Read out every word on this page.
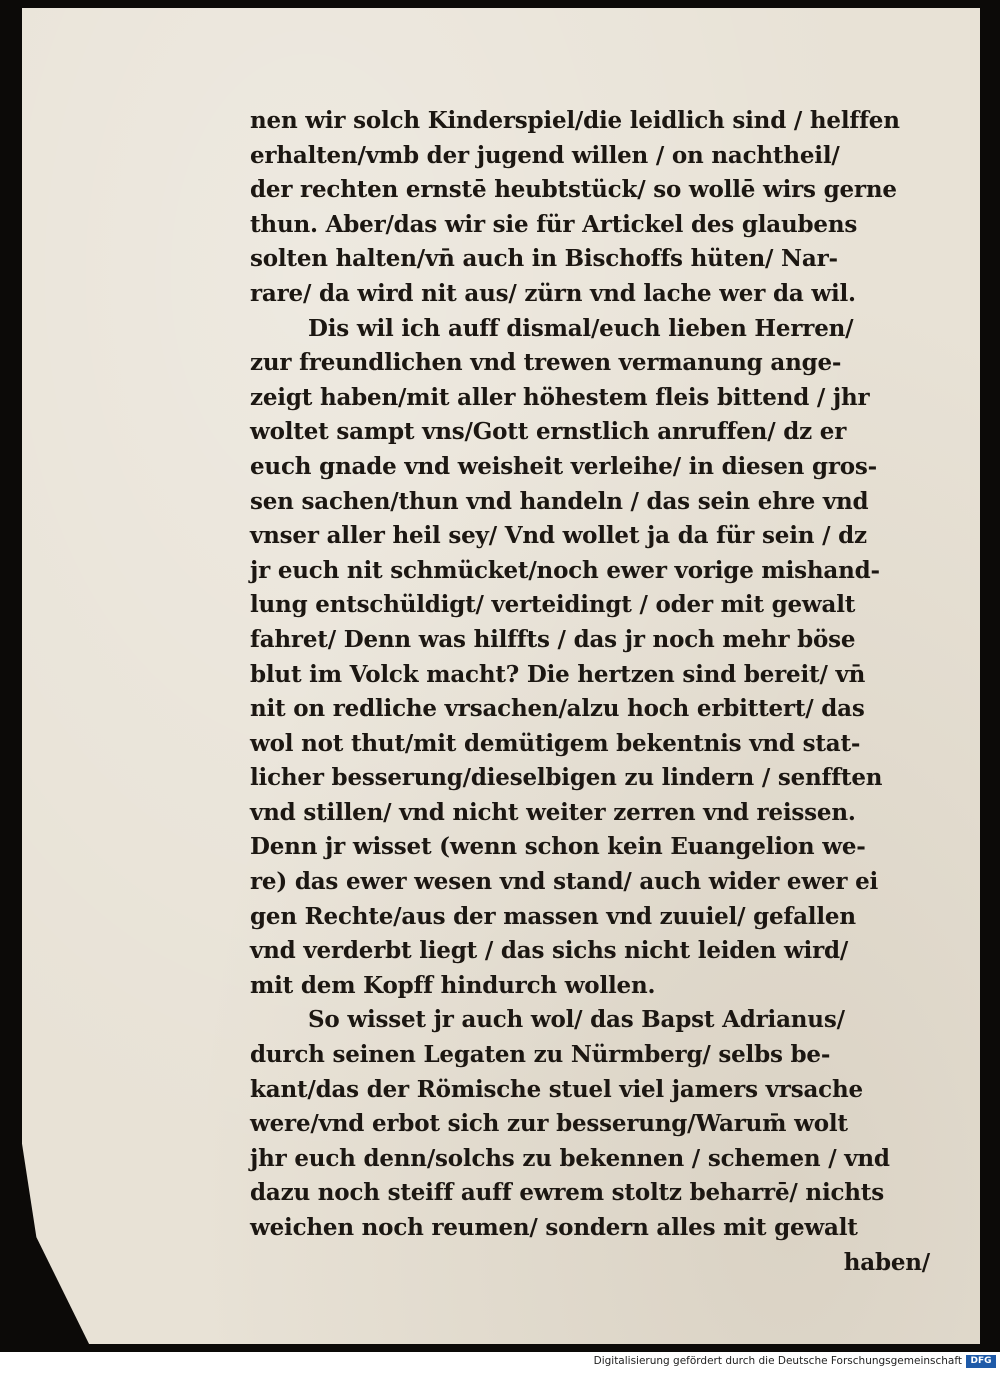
nen wir solch Kinderspiel/die leidlich sind / helffen
erhalten/vmb der jugend willen / on nachtheil/
der rechten ernstē heubtstück/ so wollē wirs gerne
thun. Aber/das wir sie für Artickel des glaubens
solten halten/vn̄ auch in Bischoffs hüten/ Nar-
rare/ da wird nit aus/ zürn vnd lache wer da wil.
Dis wil ich auff dismal/euch lieben Herren/
zur freundlichen vnd trewen vermanung ange-
zeigt haben/mit aller höhestem fleis bittend / jhr
woltet sampt vns/Gott ernstlich anruffen/ dz er
euch gnade vnd weisheit verleihe/ in diesen gros-
sen sachen/thun vnd handeln / das sein ehre vnd
vnser aller heil sey/ Vnd wollet ja da für sein / dz
jr euch nit schmücket/noch ewer vorige mishand-
lung entschüldigt/ verteidingt / oder mit gewalt
fahret/ Denn was hilffts / das jr noch mehr böse
blut im Volck macht? Die hertzen sind bereit/ vn̄
nit on redliche vrsachen/alzu hoch erbittert/ das
wol not thut/mit demütigem bekentnis vnd stat-
licher besserung/dieselbigen zu lindern / senfften
vnd stillen/ vnd nicht weiter zerren vnd reissen.
Denn jr wisset (wenn schon kein Euangelion we-
re) das ewer wesen vnd stand/ auch wider ewer ei
gen Rechte/aus der massen vnd zuuiel/ gefallen
vnd verderbt liegt / das sichs nicht leiden wird/
mit dem Kopff hindurch wollen.
So wisset jr auch wol/ das Bapst Adrianus/
durch seinen Legaten zu Nürmberg/ selbs be-
kant/das der Römische stuel viel jamers vrsache
were/vnd erbot sich zur besserung/Warum̄ wolt
jhr euch denn/solchs zu bekennen / schemen / vnd
dazu noch steiff auff ewrem stoltz beharrē/ nichts
weichen noch reumen/ sondern alles mit gewalt
haben/
Digitalisierung gefördert durch die Deutsche Forschungsgemeinschaft DFG
